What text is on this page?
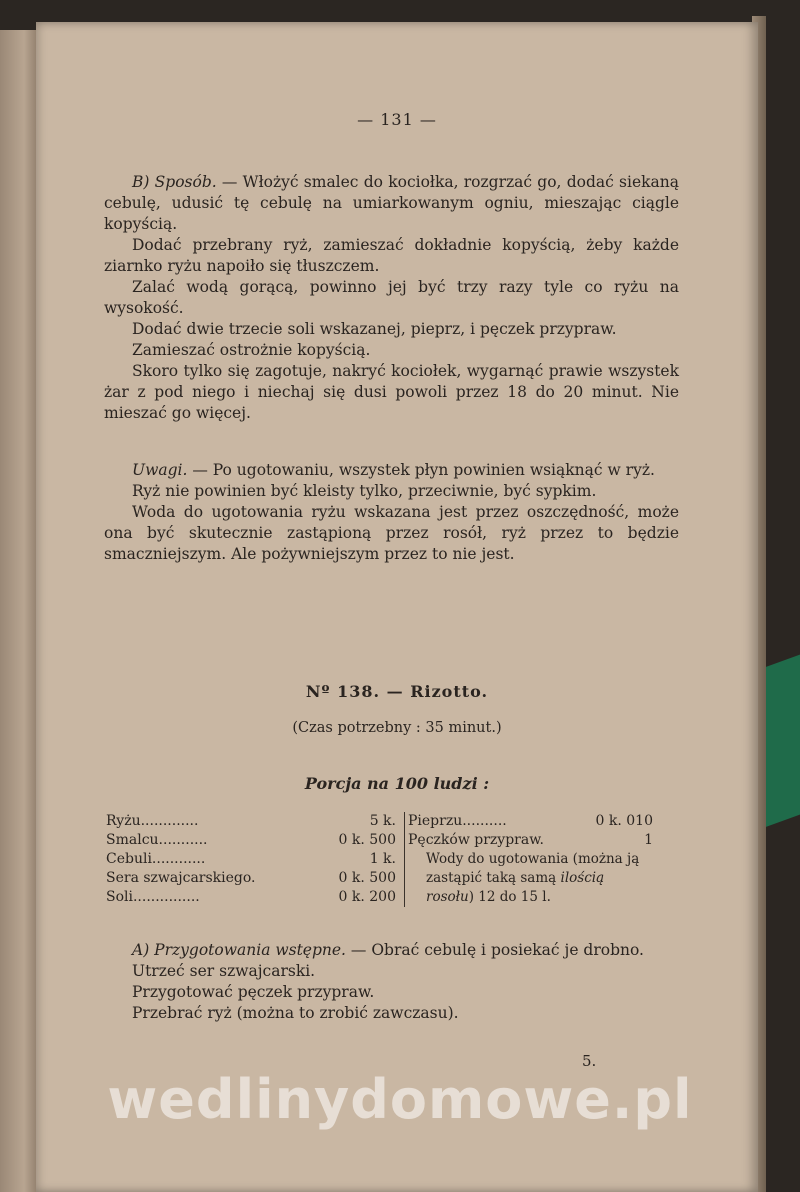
— 131 —

B) Sposób. — Włożyć smalec do kociołka, rozgrzać go, dodać siekaną cebulę, udusić tę cebulę na umiarkowanym ogniu, mieszając ciągle kopyścią.

Dodać przebrany ryż, zamieszać dokładnie kopyścią, żeby każde ziarnko ryżu napoiło się tłuszczem.

Zalać wodą gorącą, powinno jej być trzy razy tyle co ryżu na wysokość.

Dodać dwie trzecie soli wskazanej, pieprz, i pęczek przypraw.

Zamieszać ostrożnie kopyścią.

Skoro tylko się zagotuje, nakryć kociołek, wygarnąć prawie wszystek żar z pod niego i niechaj się dusi powoli przez 18 do 20 minut. Nie mieszać go więcej.

Uwagi. — Po ugotowaniu, wszystek płyn powinien wsiąknąć w ryż.

Ryż nie powinien być kleisty tylko, przeciwnie, być sypkim.

Woda do ugotowania ryżu wskazana jest przez oszczędność, może ona być skutecznie zastąpioną przez rosół, ryż przez to będzie smaczniejszym. Ale pożywniejszym przez to nie jest.

Nº 138. — Rizotto.
(Czas potrzebny : 35 minut.)
Porcja na 100 ludzi :
Ryżu.............	5 k.
Smalcu...........	0 k. 500
Cebuli............	1 k.
Sera szwajcarskiego.	0 k. 500
Soli...............	0 k. 200
Pieprzu..........	0 k. 010
Pęczków przypraw.	1
Wody do ugotowania (można ją zastąpić taką samą ilością rosołu) 12 do 15 l.

A) Przygotowania wstępne. — Obrać cebulę i posiekać je drobno.

Utrzeć ser szwajcarski.

Przygotować pęczek przypraw.

Przebrać ryż (można to zrobić zawczasu).

5.
wedlinydomowe.pl
